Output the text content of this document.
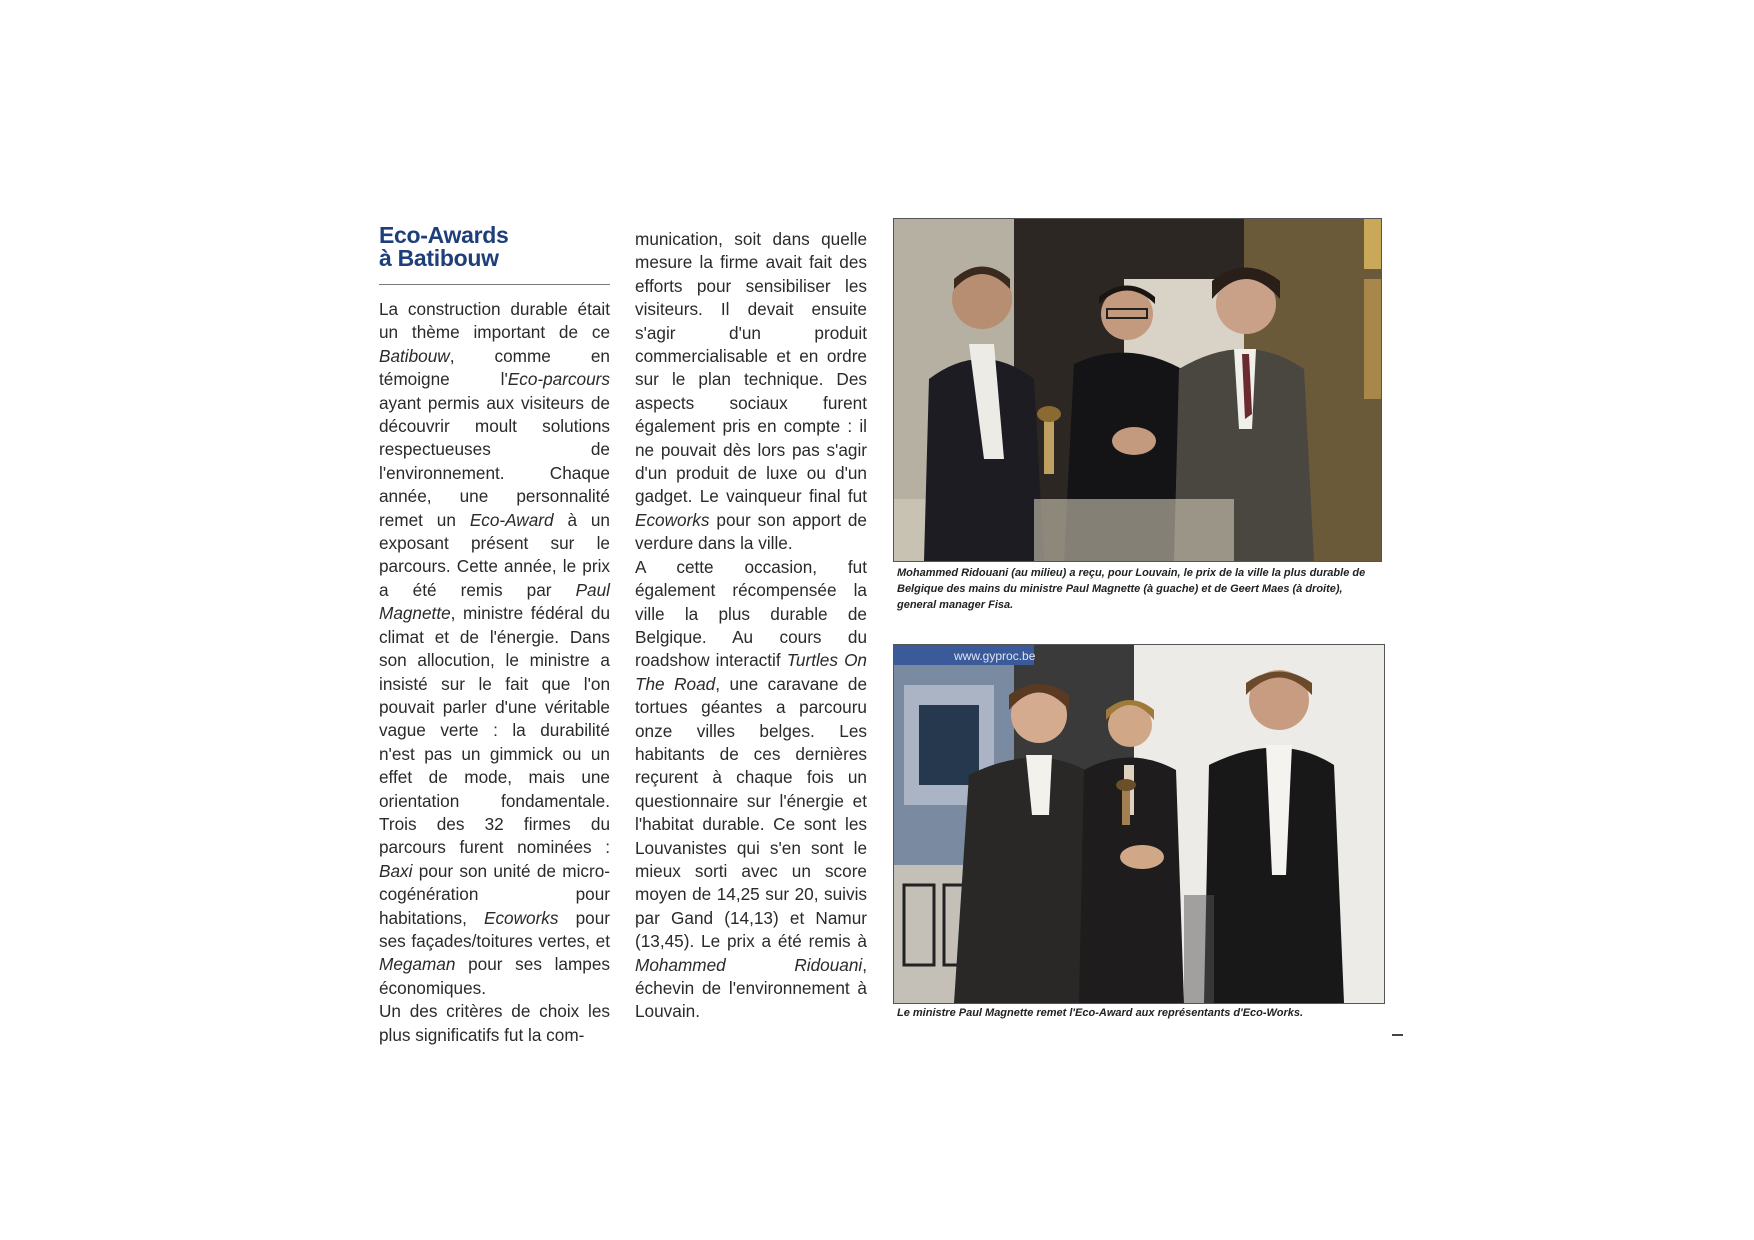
Eco-Awards
à Batibouw

La construction durable était un thème important de ce Batibouw, comme en témoigne l'Eco-parcours ayant permis aux visiteurs de découvrir moult solutions respectueuses de l'environnement. Chaque année, une personnalité remet un Eco-Award à un exposant présent sur le parcours. Cette année, le prix a été remis par Paul Magnette, ministre fédéral du climat et de l'énergie. Dans son allocution, le ministre a insisté sur le fait que l'on pouvait parler d'une véritable vague verte : la durabilité n'est pas un gimmick ou un effet de mode, mais une orientation fondamentale. Trois des 32 firmes du parcours furent nominées : Baxi pour son unité de micro-cogénération pour habitations, Ecoworks pour ses façades/toitures vertes, et Megaman pour ses lampes économiques.

Un des critères de choix les plus significatifs fut la com-

munication, soit dans quelle mesure la firme avait fait des efforts pour sensibiliser les visiteurs. Il devait ensuite s'agir d'un produit commercialisable et en ordre sur le plan technique. Des aspects sociaux furent également pris en compte : il ne pouvait dès lors pas s'agir d'un produit de luxe ou d'un gadget. Le vainqueur final fut Ecoworks pour son apport de verdure dans la ville.

A cette occasion, fut également récompensée la ville la plus durable de Belgique. Au cours du roadshow interactif Turtles On The Road, une caravane de tortues géantes a parcouru onze villes belges. Les habitants de ces dernières reçurent à chaque fois un questionnaire sur l'énergie et l'habitat durable. Ce sont les Louvanistes qui s'en sont le mieux sorti avec un score moyen de 14,25 sur 20, suivis par Gand (14,13) et Namur (13,45). Le prix a été remis à Mohammed Ridouani, échevin de l'environnement à Louvain.

Mohammed Ridouani (au milieu) a reçu, pour Louvain, le prix de la ville la plus durable de Belgique des mains du ministre Paul Magnette (à guache) et de Geert Maes (à droite), general manager Fisa.
www.gyproc.be
Le ministre Paul Magnette remet l'Eco-Award aux représentants d'Eco-Works.
